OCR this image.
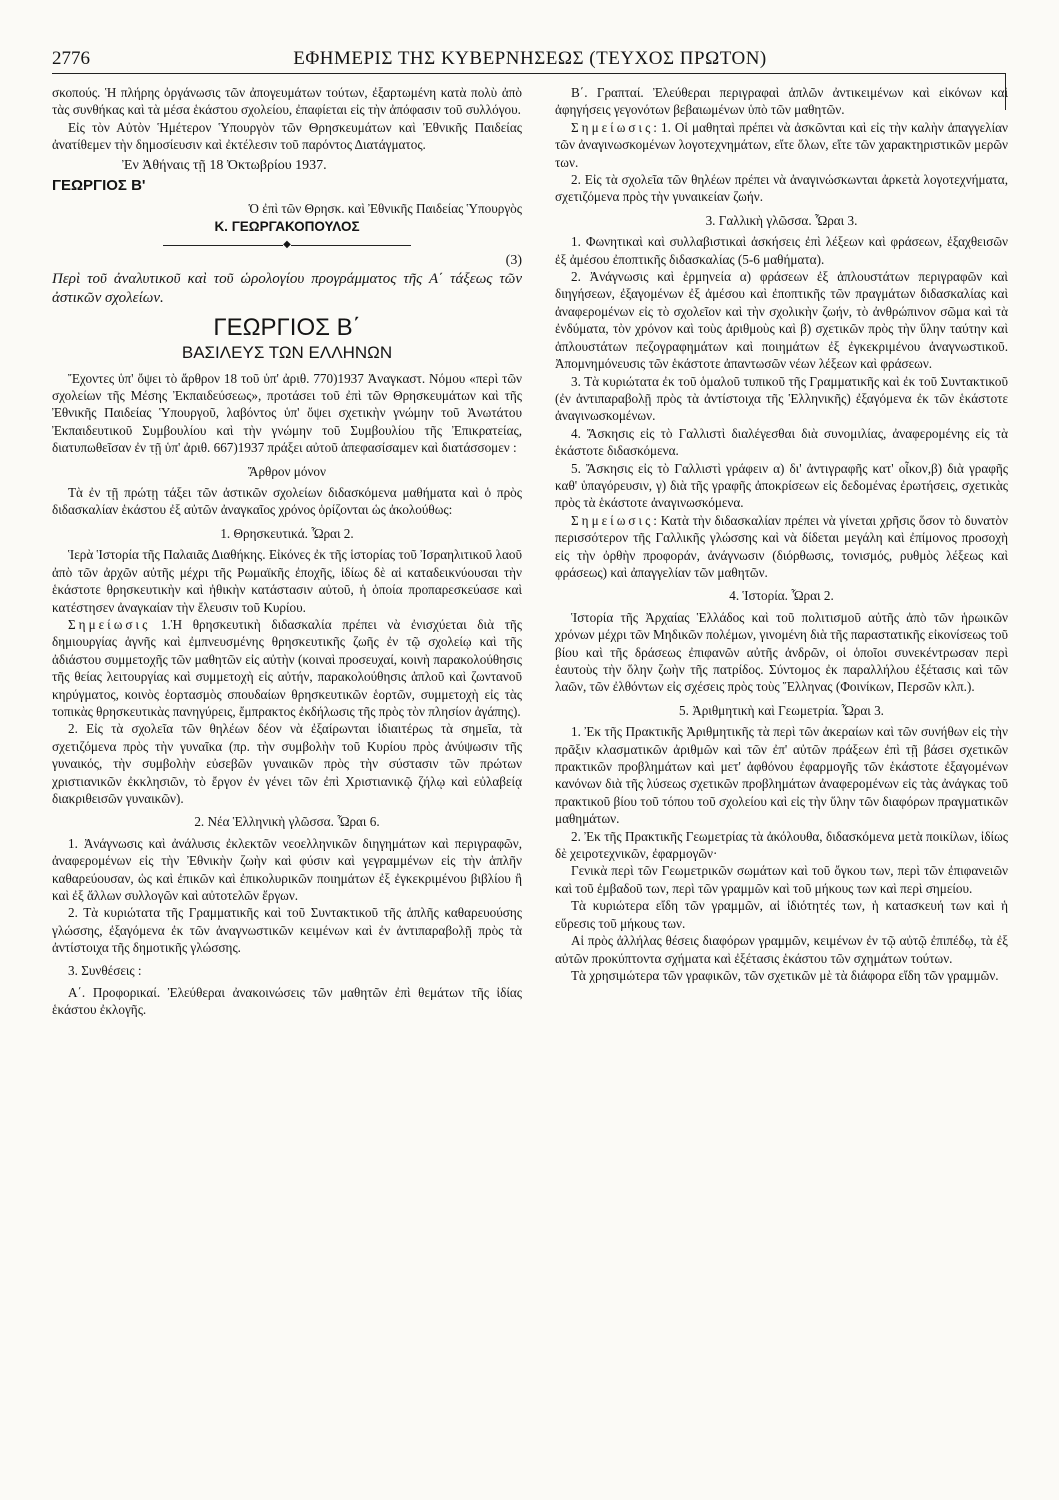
2776	ΕΦΗΜΕΡΙΣ ΤΗΣ ΚΥΒΕΡΝΗΣΕΩΣ (ΤΕΥΧΟΣ ΠΡΩΤΟΝ)

σκοπούς. Ἡ πλήρης ὀργάνωσις τῶν ἀπογευμάτων τούτων, ἐξαρτωμένη κατὰ πολὺ ἀπὸ τὰς συνθήκας καὶ τὰ μέσα ἑκάστου σχολείου, ἐπαφίεται εἰς τὴν ἀπόφασιν τοῦ συλλόγου.

Εἰς τὸν Αὐτὸν Ἡμέτερον Ὑπουργὸν τῶν Θρησκευμάτων καὶ Ἐθνικῆς Παιδείας ἀνατίθεμεν τὴν δημοσίευσιν καὶ ἐκτέλεσιν τοῦ παρόντος Διατάγματος.

Ἐν Ἀθήναις τῇ 18 Ὀκτωβρίου 1937.

ΓΕΩΡΓΙΟΣ Β'

Ὁ ἐπὶ τῶν Θρησκ. καὶ Ἐθνικῆς Παιδείας Ὑπουργὸς

Κ. ΓΕΩΡΓΑΚΟΠΟΥΛΟΣ
◆

(3)

Περὶ τοῦ ἀναλυτικοῦ καὶ τοῦ ὡρολογίου προγράμματος τῆς Α΄ τάξεως τῶν ἀστικῶν σχολείων.

ΓΕΩΡΓΙΟΣ Β΄
ΒΑΣΙΛΕΥΣ ΤΩΝ ΕΛΛΗΝΩΝ

Ἔχοντες ὑπ' ὄψει τὸ ἄρθρον 18 τοῦ ὑπ' ἀριθ. 770)1937 Ἀναγκαστ. Νόμου «περὶ τῶν σχολείων τῆς Μέσης Ἐκπαιδεύσεως», προτάσει τοῦ ἐπὶ τῶν Θρησκευμάτων καὶ τῆς Ἐθνικῆς Παιδείας Ὑπουργοῦ, λαβόντος ὑπ' ὄψει σχετικὴν γνώμην τοῦ Ἀνωτάτου Ἐκπαιδευτικοῦ Συμβουλίου καὶ τὴν γνώμην τοῦ Συμβουλίου τῆς Ἐπικρατείας, διατυπωθεῖσαν ἐν τῇ ὑπ' ἀριθ. 667)1937 πράξει αὐτοῦ ἀπεφασίσαμεν καὶ διατάσσομεν :

Ἄρθρον μόνον

Τὰ ἐν τῇ πρώτῃ τάξει τῶν ἀστικῶν σχολείων διδασκόμενα μαθήματα καὶ ὁ πρὸς διδασκαλίαν ἑκάστου ἐξ αὐτῶν ἀναγκαῖος χρόνος ὁρίζονται ὡς ἀκολούθως:

1. Θρησκευτικά. Ὧραι 2.

Ἱερὰ Ἱστορία τῆς Παλαιᾶς Διαθήκης. Εἰκόνες ἐκ τῆς ἱστορίας τοῦ Ἰσραηλιτικοῦ λαοῦ ἀπὸ τῶν ἀρχῶν αὐτῆς μέχρι τῆς Ρωμαϊκῆς ἐποχῆς, ἰδίως δὲ αἱ καταδεικνύουσαι τὴν ἑκάστοτε θρησκευτικὴν καὶ ἠθικὴν κατάστασιν αὐτοῦ, ἡ ὁποία προπαρεσκεύασε καὶ κατέστησεν ἀναγκαίαν τὴν ἔλευσιν τοῦ Κυρίου.

Σημείωσις 1.Ἡ θρησκευτικὴ διδασκαλία πρέπει νὰ ἐνισχύεται διὰ τῆς δημιουργίας ἁγνῆς καὶ ἐμπνευσμένης θρησκευτικῆς ζωῆς ἐν τῷ σχολείῳ καὶ τῆς ἀδιάστου συμμετοχῆς τῶν μαθητῶν εἰς αὐτὴν (κοιναὶ προσευχαί, κοινὴ παρακολούθησις τῆς θείας λειτουργίας καὶ συμμετοχὴ εἰς αὐτήν, παρακολούθησις ἁπλοῦ καὶ ζωντανοῦ κηρύγματος, κοινὸς ἑορτασμὸς σπουδαίων θρησκευτικῶν ἑορτῶν, συμμετοχὴ εἰς τὰς τοπικὰς θρησκευτικὰς πανηγύρεις, ἔμπρακτος ἐκδήλωσις τῆς πρὸς τὸν πλησίον ἀγάπης).

2. Εἰς τὰ σχολεῖα τῶν θηλέων δέον νὰ ἐξαίρωνται ἰδιαιτέρως τὰ σημεῖα, τὰ σχετιζόμενα πρὸς τὴν γυναῖκα (πρ. τὴν συμβολὴν τοῦ Κυρίου πρὸς ἀνύψωσιν τῆς γυναικός, τὴν συμβολὴν εὐσεβῶν γυναικῶν πρὸς τὴν σύστασιν τῶν πρώτων χριστιανικῶν ἐκκλησιῶν, τὸ ἔργον ἐν γένει τῶν ἐπὶ Χριστιανικῷ ζήλῳ καὶ εὐλαβείᾳ διακριθεισῶν γυναικῶν).

2. Νέα Ἑλληνικὴ γλῶσσα. Ὧραι 6.

1. Ἀνάγνωσις καὶ ἀνάλυσις ἐκλεκτῶν νεοελληνικῶν διηγημάτων καὶ περιγραφῶν, ἀναφερομένων εἰς τὴν Ἐθνικὴν ζωὴν καὶ φύσιν καὶ γεγραμμένων εἰς τὴν ἁπλῆν καθαρεύουσαν, ὡς καὶ ἐπικῶν καὶ ἐπικολυρικῶν ποιημάτων ἐξ ἐγκεκριμένου βιβλίου ἢ καὶ ἐξ ἄλλων συλλογῶν καὶ αὐτοτελῶν ἔργων.

2. Τὰ κυριώτατα τῆς Γραμματικῆς καὶ τοῦ Συντακτικοῦ τῆς ἁπλῆς καθαρευούσης γλώσσης, ἐξαγόμενα ἐκ τῶν ἀναγνωστικῶν κειμένων καὶ ἐν ἀντιπαραβολῇ πρὸς τὰ ἀντίστοιχα τῆς δημοτικῆς γλώσσης.

3. Συνθέσεις :

Α΄. Προφορικαί. Ἐλεύθεραι ἀνακοινώσεις τῶν μαθητῶν ἐπὶ θεμάτων τῆς ἰδίας ἑκάστου ἐκλογῆς.

Β΄. Γραπταί. Ἐλεύθεραι περιγραφαὶ ἁπλῶν ἀντικειμένων καὶ εἰκόνων καὶ ἀφηγήσεις γεγονότων βεβαιωμένων ὑπὸ τῶν μαθητῶν.

Σημείωσις: 1. Οἱ μαθηταὶ πρέπει νὰ ἀσκῶνται καὶ εἰς τὴν καλὴν ἀπαγγελίαν τῶν ἀναγινωσκομένων λογοτεχνημάτων, εἴτε ὅλων, εἴτε τῶν χαρακτηριστικῶν μερῶν των.

2. Εἰς τὰ σχολεῖα τῶν θηλέων πρέπει νὰ ἀναγινώσκωνται ἀρκετὰ λογοτεχνήματα, σχετιζόμενα πρὸς τὴν γυναικείαν ζωήν.

3. Γαλλικὴ γλῶσσα. Ὧραι 3.

1. Φωνητικαὶ καὶ συλλαβιστικαὶ ἀσκήσεις ἐπὶ λέξεων καὶ φράσεων, ἐξαχθεισῶν ἐξ ἀμέσου ἐποπτικῆς διδασκαλίας (5-6 μαθήματα).

2. Ἀνάγνωσις καὶ ἑρμηνεία α) φράσεων ἐξ ἁπλουστάτων περιγραφῶν καὶ διηγήσεων, ἐξαγομένων ἐξ ἀμέσου καὶ ἐποπτικῆς τῶν πραγμάτων διδασκαλίας καὶ ἀναφερομένων εἰς τὸ σχολεῖον καὶ τὴν σχολικὴν ζωήν, τὸ ἀνθρώπινον σῶμα καὶ τὰ ἐνδύματα, τὸν χρόνον καὶ τοὺς ἀριθμοὺς καὶ β) σχετικῶν πρὸς τὴν ὕλην ταύτην καὶ ἁπλουστάτων πεζογραφημάτων καὶ ποιημάτων ἐξ ἐγκεκριμένου ἀναγνωστικοῦ. Ἀπομνημόνευσις τῶν ἑκάστοτε ἀπαντωσῶν νέων λέξεων καὶ φράσεων.

3. Τὰ κυριώτατα ἐκ τοῦ ὁμαλοῦ τυπικοῦ τῆς Γραμματικῆς καὶ ἐκ τοῦ Συντακτικοῦ (ἐν ἀντιπαραβολῇ πρὸς τὰ ἀντίστοιχα τῆς Ἑλληνικῆς) ἐξαγόμενα ἐκ τῶν ἑκάστοτε ἀναγινωσκομένων.

4. Ἄσκησις εἰς τὸ Γαλλιστὶ διαλέγεσθαι διὰ συνομιλίας, ἀναφερομένης εἰς τὰ ἑκάστοτε διδασκόμενα.

5. Ἄσκησις εἰς τὸ Γαλλιστὶ γράφειν α) δι' ἀντιγραφῆς κατ' οἶκον,β) διὰ γραφῆς καθ' ὑπαγόρευσιν, γ) διὰ τῆς γραφῆς ἀποκρίσεων εἰς δεδομένας ἐρωτήσεις, σχετικὰς πρὸς τὰ ἑκάστοτε ἀναγινωσκόμενα.

Σημείωσις: Κατὰ τὴν διδασκαλίαν πρέπει νὰ γίνεται χρῆσις ὅσον τὸ δυνατὸν περισσότερον τῆς Γαλλικῆς γλώσσης καὶ νὰ δίδεται μεγάλη καὶ ἐπίμονος προσοχὴ εἰς τὴν ὀρθὴν προφοράν, ἀνάγνωσιν (διόρθωσις, τονισμός, ρυθμὸς λέξεως καὶ φράσεως) καὶ ἀπαγγελίαν τῶν μαθητῶν.

4. Ἱστορία. Ὧραι 2.

Ἱστορία τῆς Ἀρχαίας Ἑλλάδος καὶ τοῦ πολιτισμοῦ αὐτῆς ἀπὸ τῶν ἡρωικῶν χρόνων μέχρι τῶν Μηδικῶν πολέμων, γινομένη διὰ τῆς παραστατικῆς εἰκονίσεως τοῦ βίου καὶ τῆς δράσεως ἐπιφανῶν αὐτῆς ἀνδρῶν, οἱ ὁποῖοι συνεκέντρωσαν περὶ ἑαυτοὺς τὴν ὅλην ζωὴν τῆς πατρίδος. Σύντομος ἐκ παραλλήλου ἐξέτασις καὶ τῶν λαῶν, τῶν ἐλθόντων εἰς σχέσεις πρὸς τοὺς Ἕλληνας (Φοινίκων, Περσῶν κλπ.).

5. Ἀριθμητικὴ καὶ Γεωμετρία. Ὧραι 3.

1. Ἐκ τῆς Πρακτικῆς Ἀριθμητικῆς τὰ περὶ τῶν ἀκεραίων καὶ τῶν συνήθων εἰς τὴν πρᾶξιν κλασματικῶν ἀριθμῶν καὶ τῶν ἐπ' αὐτῶν πράξεων ἐπὶ τῇ βάσει σχετικῶν πρακτικῶν προβλημάτων καὶ μετ' ἀφθόνου ἐφαρμογῆς τῶν ἑκάστοτε ἐξαγομένων κανόνων διὰ τῆς λύσεως σχετικῶν προβλημάτων ἀναφερομένων εἰς τὰς ἀνάγκας τοῦ πρακτικοῦ βίου τοῦ τόπου τοῦ σχολείου καὶ εἰς τὴν ὕλην τῶν διαφόρων πραγματικῶν μαθημάτων.

2. Ἐκ τῆς Πρακτικῆς Γεωμετρίας τὰ ἀκόλουθα, διδασκόμενα μετὰ ποικίλων, ἰδίως δὲ χειροτεχνικῶν, ἐφαρμογῶν·

Γενικὰ περὶ τῶν Γεωμετρικῶν σωμάτων καὶ τοῦ ὄγκου των, περὶ τῶν ἐπιφανειῶν καὶ τοῦ ἐμβαδοῦ των, περὶ τῶν γραμμῶν καὶ τοῦ μήκους των καὶ περὶ σημείου.

Τὰ κυριώτερα εἴδη τῶν γραμμῶν, αἱ ἰδιότητές των, ἡ κατασκευή των καὶ ἡ εὕρεσις τοῦ μήκους των.

Αἱ πρὸς ἀλλήλας θέσεις διαφόρων γραμμῶν, κειμένων ἐν τῷ αὐτῷ ἐπιπέδῳ, τὰ ἐξ αὐτῶν προκύπτοντα σχήματα καὶ ἐξέτασις ἑκάστου τῶν σχημάτων τούτων.

Τὰ χρησιμώτερα τῶν γραφικῶν, τῶν σχετικῶν μὲ τὰ διάφορα εἴδη τῶν γραμμῶν.
